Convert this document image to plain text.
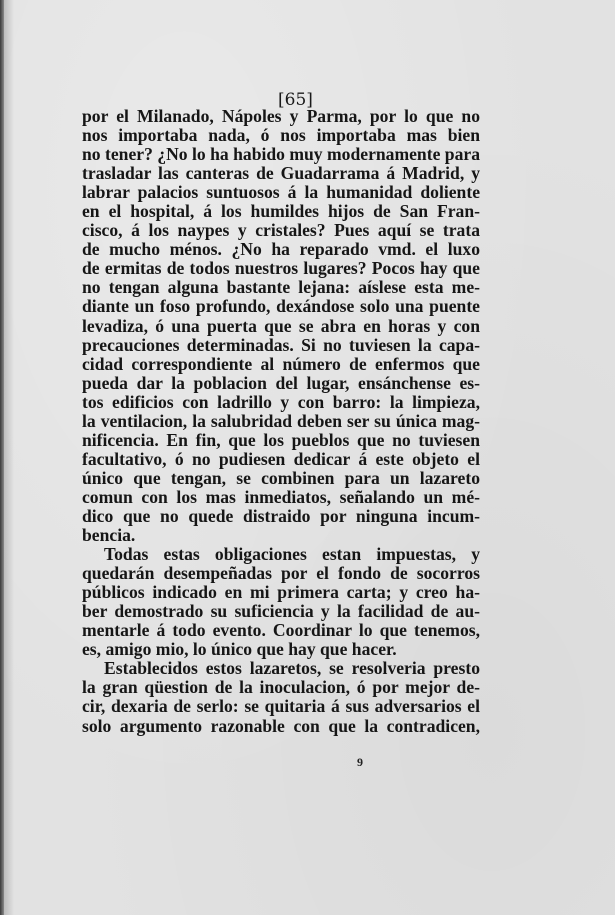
[65]
por el Milanado, Nápoles y Parma, por lo que no
nos importaba nada, ó nos importaba mas bien
no tener? ¿No lo ha habido muy modernamente para
trasladar las canteras de Guadarrama á Madrid, y
labrar palacios suntuosos á la humanidad doliente
en el hospital, á los humildes hijos de San Fran-
cisco, á los naypes y cristales? Pues aquí se trata
de mucho ménos. ¿No ha reparado vmd. el luxo
de ermitas de todos nuestros lugares? Pocos hay que
no tengan alguna bastante lejana: aíslese esta me-
diante un foso profundo, dexándose solo una puente
levadiza, ó una puerta que se abra en horas y con
precauciones determinadas. Si no tuviesen la capa-
cidad correspondiente al número de enfermos que
pueda dar la poblacion del lugar, ensánchense es-
tos edificios con ladrillo y con barro: la limpieza,
la ventilacion, la salubridad deben ser su única mag-
nificencia. En fin, que los pueblos que no tuviesen
facultativo, ó no pudiesen dedicar á este objeto el
único que tengan, se combinen para un lazareto
comun con los mas inmediatos, señalando un mé-
dico que no quede distraido por ninguna incum-
bencia.
Todas estas obligaciones estan impuestas, y
quedarán desempeñadas por el fondo de socorros
públicos indicado en mi primera carta; y creo ha-
ber demostrado su suficiencia y la facilidad de au-
mentarle á todo evento. Coordinar lo que tenemos,
es, amigo mio, lo único que hay que hacer.
Establecidos estos lazaretos, se resolveria presto
la gran qüestion de la inoculacion, ó por mejor de-
cir, dexaria de serlo: se quitaria á sus adversarios el
solo argumento razonable con que la contradicen,
9
